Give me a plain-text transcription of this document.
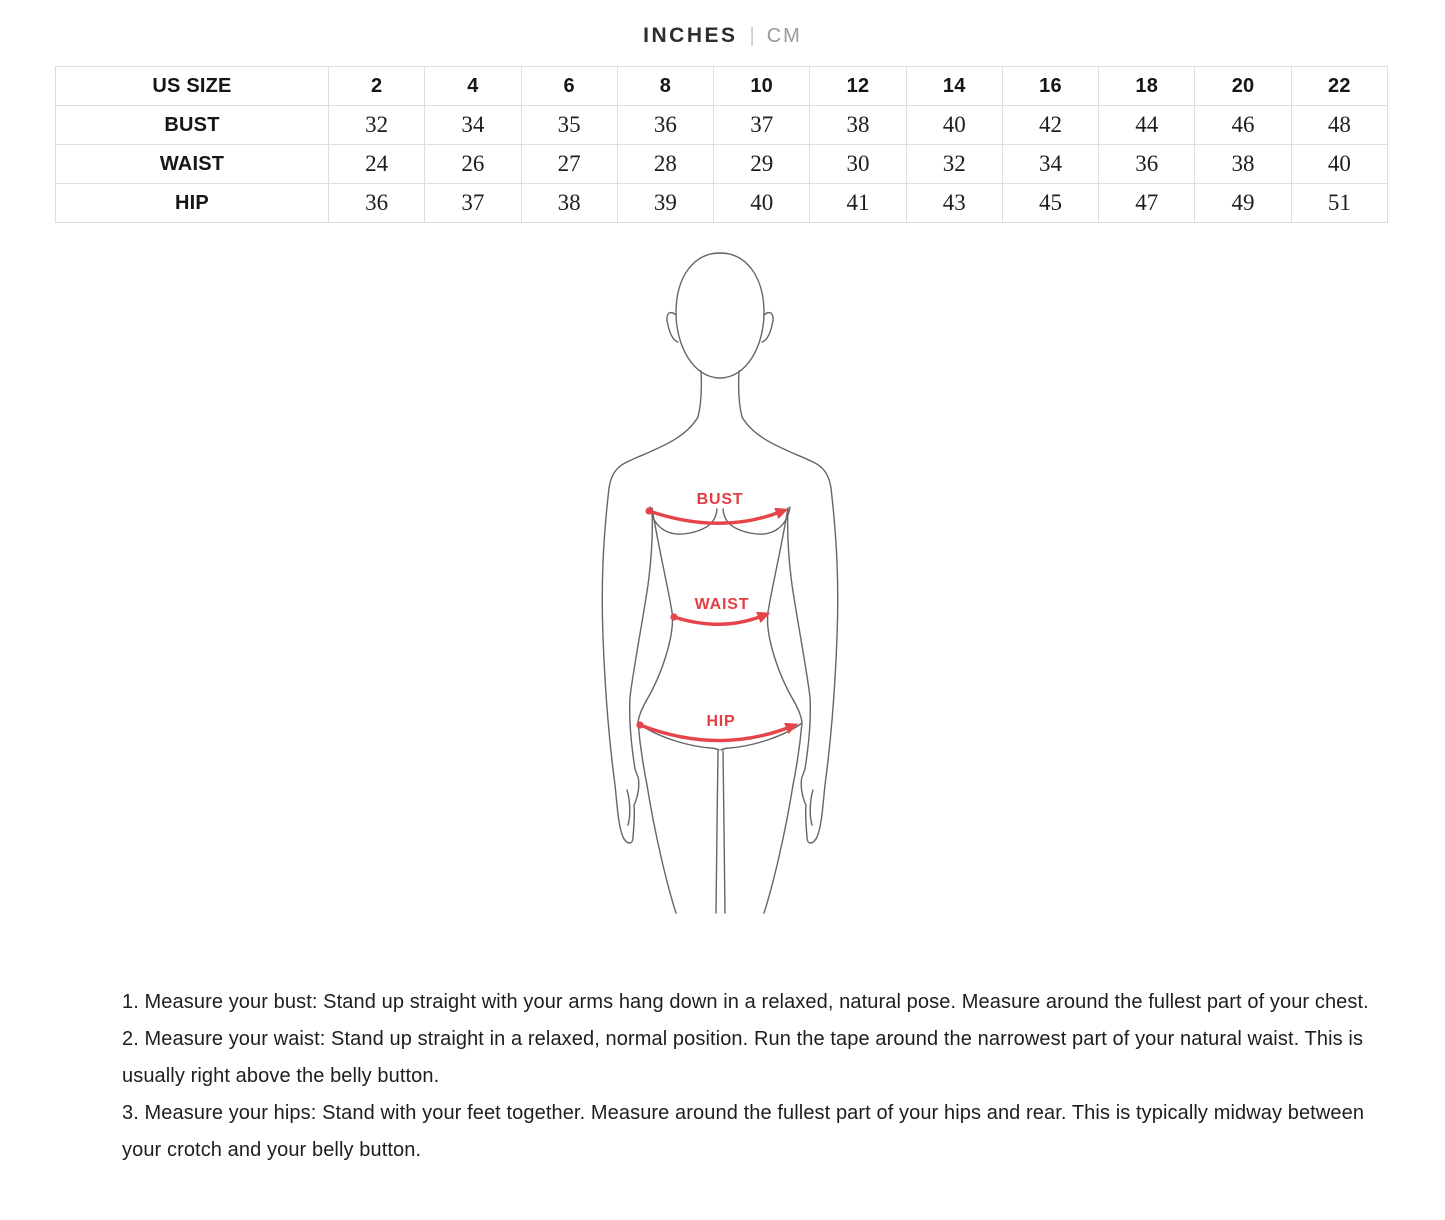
INCHES | CM
US SIZE	2	4	6	8	10	12	14	16	18	20	22
BUST	32	34	35	36	37	38	40	42	44	46	48
WAIST	24	26	27	28	29	30	32	34	36	38	40
HIP	36	37	38	39	40	41	43	45	47	49	51
BUST
WAIST
HIP

1. Measure your bust: Stand up straight with your arms hang down in a relaxed, natural pose. Measure around the fullest part of your chest.

2. Measure your waist: Stand up straight in a relaxed, normal position. Run the tape around the narrowest part of your natural waist. This is usually right above the belly button.

3. Measure your hips: Stand with your feet together. Measure around the fullest part of your hips and rear. This is typically midway between your crotch and your belly button.
